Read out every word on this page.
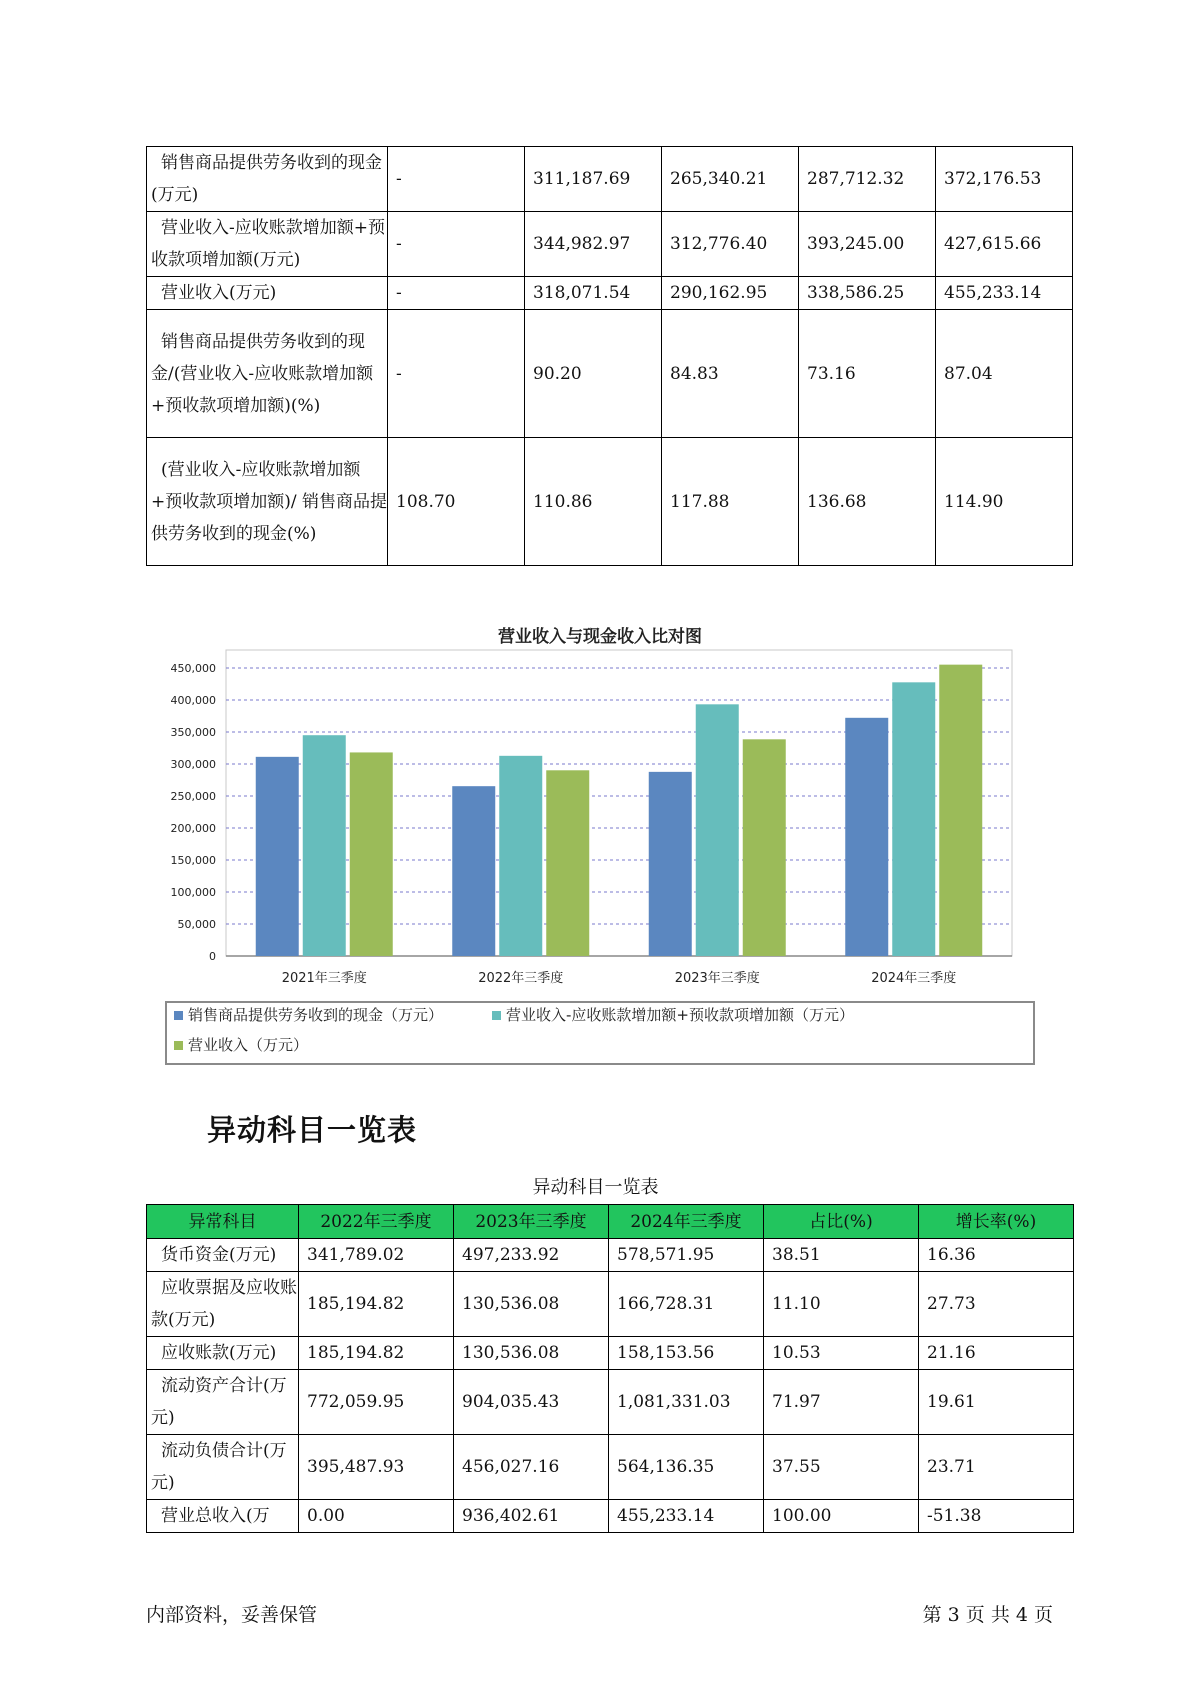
销售商品提供劳务收到的现金(万元)	-	311,187.69	265,340.21	287,712.32	372,176.53
营业收入-应收账款增加额+预收款项增加额(万元)	-	344,982.97	312,776.40	393,245.00	427,615.66
营业收入(万元)	-	318,071.54	290,162.95	338,586.25	455,233.14
销售商品提供劳务收到的现金/(营业收入-应收账款增加额+预收款项增加额)(%)	-	90.20	84.83	73.16	87.04
(营业收入-应收账款增加额+预收款项增加额)/ 销售商品提供劳务收到的现金(%)	108.70	110.86	117.88	136.68	114.90
营业收入与现金收入比对图
0
50,000
100,000
150,000
200,000
250,000
300,000
350,000
400,000
450,000
2021年三季度	2022年三季度	2023年三季度	2024年三季度
销售商品提供劳务收到的现金（万元）	营业收入-应收账款增加额+预收款项增加额（万元）
营业收入（万元）
异动科目一览表
异动科目一览表
异常科目	2022年三季度	2023年三季度	2024年三季度	占比(%)	增长率(%)
货币资金(万元)	341,789.02	497,233.92	578,571.95	38.51	16.36
应收票据及应收账款(万元)	185,194.82	130,536.08	166,728.31	11.10	27.73
应收账款(万元)	185,194.82	130,536.08	158,153.56	10.53	21.16
流动资产合计(万元)	772,059.95	904,035.43	1,081,331.03	71.97	19.61
流动负债合计(万元)	395,487.93	456,027.16	564,136.35	37.55	23.71
营业总收入(万	0.00	936,402.61	455,233.14	100.00	-51.38
内部资料，妥善保管	第 3 页 共 4 页
